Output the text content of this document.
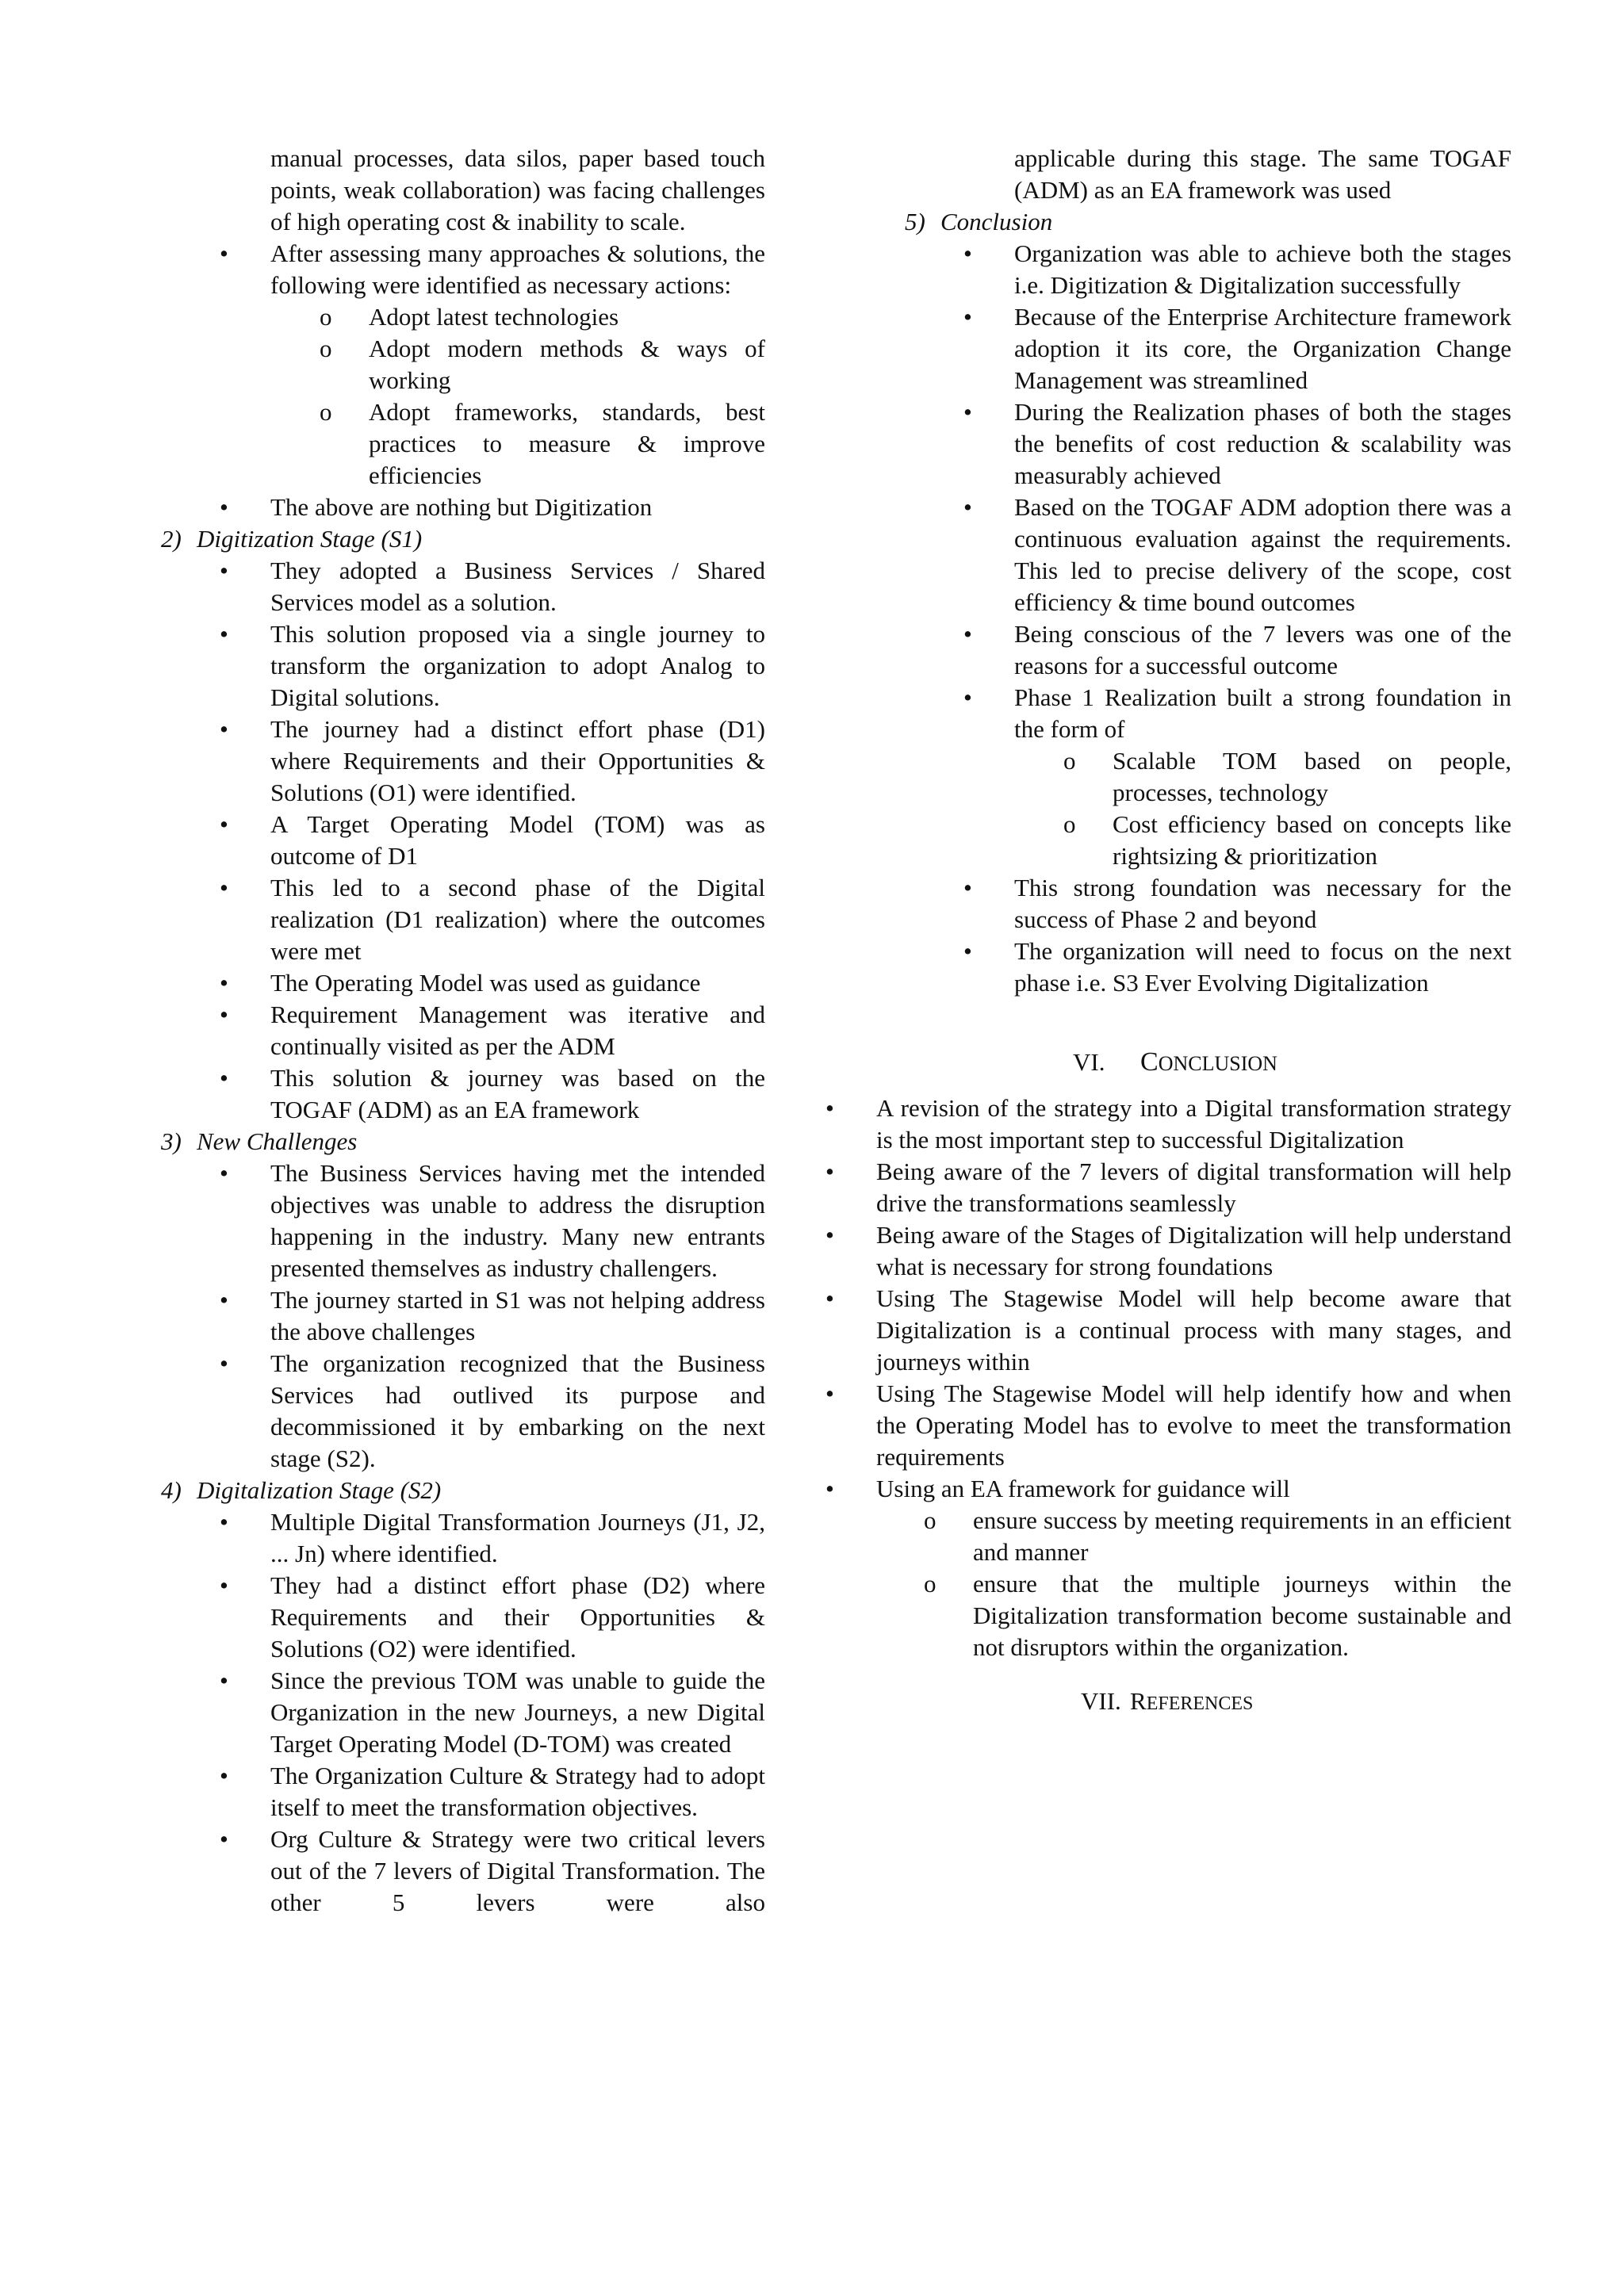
manual processes, data silos, paper based touch points, weak collaboration) was facing challenges of high operating cost & inability to scale.

• After assessing many approaches & solutions, the following were identified as necessary actions:
o Adopt latest technologies
o Adopt modern methods & ways of working
o Adopt frameworks, standards, best practices to measure & improve efficiencies
• The above are nothing but Digitization
2) Digitization Stage (S1)
• They adopted a Business Services / Shared Services model as a solution.
• This solution proposed via a single journey to transform the organization to adopt Analog to Digital solutions.
• The journey had a distinct effort phase (D1) where Requirements and their Opportunities & Solutions (O1) were identified.
• A Target Operating Model (TOM) was as outcome of D1
• This led to a second phase of the Digital realization (D1 realization) where the outcomes were met
• The Operating Model was used as guidance
• Requirement Management was iterative and continually visited as per the ADM
• This solution & journey was based on the TOGAF (ADM) as an EA framework
3) New Challenges
• The Business Services having met the intended objectives was unable to address the disruption happening in the industry. Many new entrants presented themselves as industry challengers.
• The journey started in S1 was not helping address the above challenges
• The organization recognized that the Business Services had outlived its purpose and decommissioned it by embarking on the next stage (S2).
4) Digitalization Stage (S2)
• Multiple Digital Transformation Journeys (J1, J2, ... Jn) where identified.
• They had a distinct effort phase (D2) where Requirements and their Opportunities & Solutions (O2) were identified.
• Since the previous TOM was unable to guide the Organization in the new Journeys, a new Digital Target Operating Model (D-TOM) was created
• The Organization Culture & Strategy had to adopt itself to meet the transformation objectives.
• Org Culture & Strategy were two critical levers out of the 7 levers of Digital Transformation. The other 5 levers were also

applicable during this stage. The same TOGAF (ADM) as an EA framework was used

5) Conclusion
• Organization was able to achieve both the stages i.e. Digitization & Digitalization successfully
• Because of the Enterprise Architecture framework adoption it its core, the Organization Change Management was streamlined
• During the Realization phases of both the stages the benefits of cost reduction & scalability was measurably achieved
• Based on the TOGAF ADM adoption there was a continuous evaluation against the requirements. This led to precise delivery of the scope, cost efficiency & time bound outcomes
• Being conscious of the 7 levers was one of the reasons for a successful outcome
• Phase 1 Realization built a strong foundation in the form of
o Scalable TOM based on people, processes, technology
o Cost efficiency based on concepts like rightsizing & prioritization
• This strong foundation was necessary for the success of Phase 2 and beyond
• The organization will need to focus on the next phase i.e. S3 Ever Evolving Digitalization
VI. CONCLUSION
• A revision of the strategy into a Digital transformation strategy is the most important step to successful Digitalization
• Being aware of the 7 levers of digital transformation will help drive the transformations seamlessly
• Being aware of the Stages of Digitalization will help understand what is necessary for strong foundations
• Using The Stagewise Model will help become aware that Digitalization is a continual process with many stages, and journeys within
• Using The Stagewise Model will help identify how and when the Operating Model has to evolve to meet the transformation requirements
• Using an EA framework for guidance will
o ensure success by meeting requirements in an efficient and manner
o ensure that the multiple journeys within the Digitalization transformation become sustainable and not disruptors within the organization.
VII. REFERENCES
